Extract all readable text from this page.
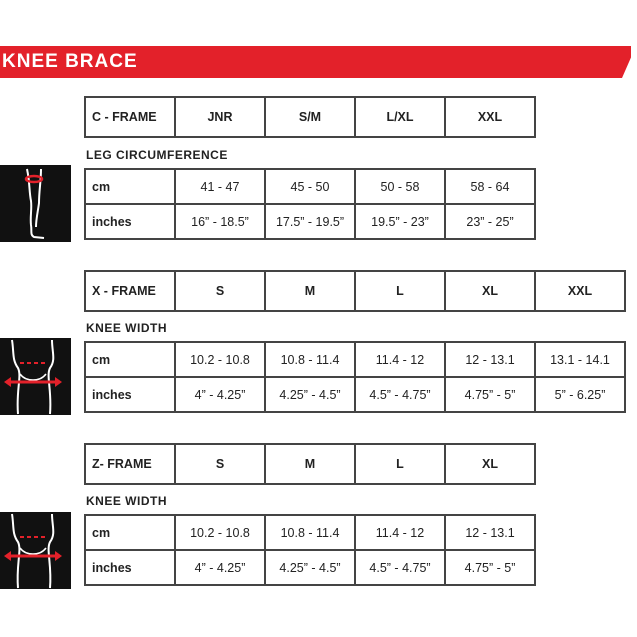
KNEE BRACE
C - FRAME	JNR	S/M	L/XL	XXL
LEG CIRCUMFERENCE
cm	41 - 47	45 - 50	50 - 58	58 - 64
inches	16” - 18.5”	17.5” - 19.5”	19.5” - 23”	23” - 25”
X - FRAME	S	M	L	XL	XXL
KNEE WIDTH
cm	10.2 - 10.8	10.8 - 11.4	11.4 - 12	12 - 13.1	13.1 - 14.1
inches	4” - 4.25”	4.25” - 4.5”	4.5” - 4.75”	4.75” - 5”	5” - 6.25”
Z- FRAME	S	M	L	XL
KNEE WIDTH
cm	10.2 - 10.8	10.8 - 11.4	11.4 - 12	12 - 13.1
inches	4” - 4.25”	4.25” - 4.5”	4.5” - 4.75”	4.75” - 5”
